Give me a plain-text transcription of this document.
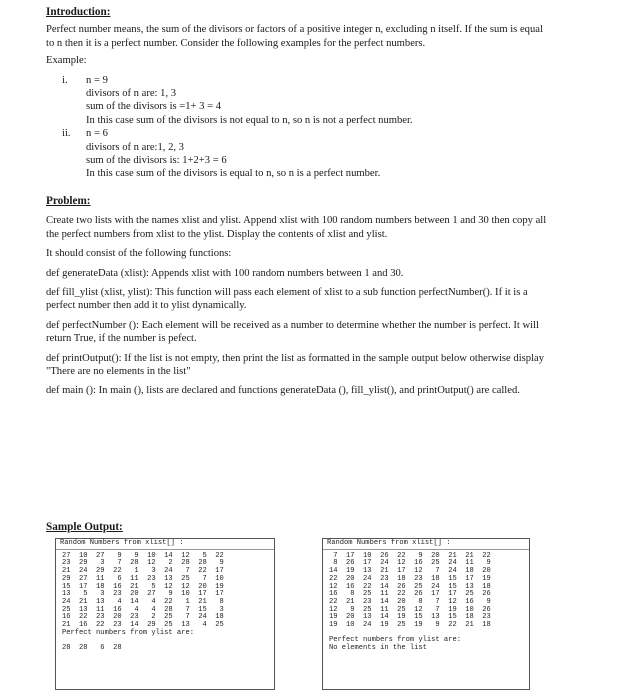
Introduction:

Perfect number means, the sum of the divisors or factors of a positive integer n, excluding n itself. If the sum is equal

to n then it is a perfect number. Consider the following examples for the perfect numbers.

Example:

i.	n = 9
divisors of n are: 1, 3
sum of the divisors is =1+ 3 = 4
In this case sum of the divisors is not equal to n, so n is not a perfect number.
ii.	n = 6
divisors of n are:1, 2, 3
sum of the divisors is: 1+2+3 = 6
In this case sum of the divisors is equal to n, so n is a perfect number.
Problem:

Create two lists with the names xlist and ylist. Append xlist with 100 random numbers between 1 and 30 then copy all

the perfect numbers from xlist to the ylist. Display the contents of xlist and ylist.

It should consist of the following functions:

def generateData (xlist): Appends xlist with 100 random numbers between 1 and 30.

def fill_ylist (xlist, ylist): This function will pass each element of xlist to a sub function perfectNumber(). If it is a

perfect number then add it to ylist dynamically.

def perfectNumber (): Each element will be received as a number to determine whether the number is perfect. It will

return True, if the number is pefect.

def printOutput(): If the list is not empty, then print the list as formatted in the sample output below otherwise display

"There are no elements in the list"

def main (): In main (), lists are declared and functions generateData (), fill_ylist(), and printOutput() are called.

Sample Output:
Random Numbers from xlist[] :
27  10  27   9   9  10  14  12   5  22
23  29   3   7  28  12   2  28  28   9
21  24  29  22   1   3  24   7  22  17
29  27  11   6  11  23  13  25   7  10
15  17  18  16  21   5  12  12  20  19
13   5   3  23  20  27   9  10  17  17
24  21  13   4  14   4  22   1  21   8
25  13  11  16   4   4  28   7  15   3
16  22  23  20  23   2  25   7  24  18
21  16  22  23  14  29  25  13   4  25
Perfect numbers from ylist are:

28  28   6  28
Random Numbers from xlist[] :
7  17  10  26  22   9  20  21  21  22
8  26  17  24  12  16  25  24  11   9
14  19  13  21  17  12   7  24  18  20
22  20  24  23  18  23  18  15  17  19
12  16  22  14  26  25  24  15  13  18
16   8  25  11  22  26  17  17  25  26
22  21  23  14  20   8   7  12  16   9
12   9  25  11  25  12   7  19  10  26
19  20  13  14  19  15  13  15  18  23
19  10  24  19  25  19   9  22  21  18

Perfect numbers from ylist are:
No elements in the list
